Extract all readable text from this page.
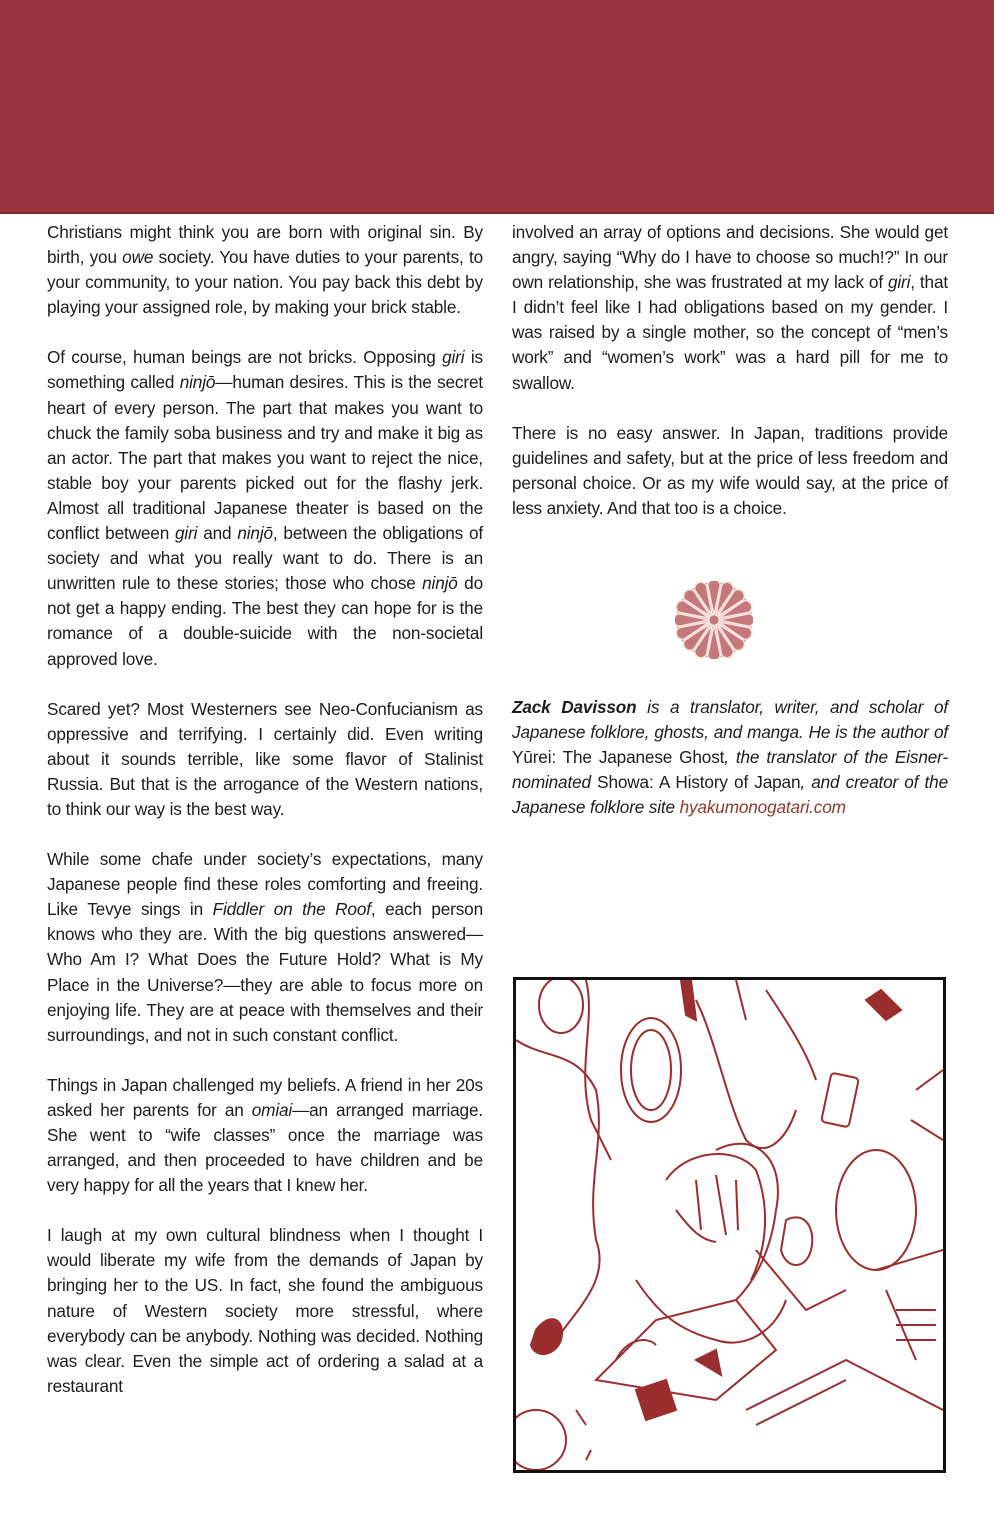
Christians might think you are born with original sin. By birth, you owe society. You have duties to your parents, to your community, to your nation. You pay back this debt by playing your assigned role, by making your brick stable.

Of course, human beings are not bricks. Opposing giri is something called ninjō—human desires. This is the secret heart of every person. The part that makes you want to chuck the family soba business and try and make it big as an actor. The part that makes you want to reject the nice, stable boy your parents picked out for the flashy jerk. Almost all traditional Japanese theater is based on the conflict between giri and ninjō, between the obligations of society and what you really want to do. There is an unwritten rule to these stories; those who chose ninjō do not get a happy ending. The best they can hope for is the romance of a double-suicide with the non-societal approved love.

Scared yet? Most Westerners see Neo-Confucianism as oppressive and terrifying. I certainly did. Even writing about it sounds terrible, like some flavor of Stalinist Russia. But that is the arrogance of the Western nations, to think our way is the best way.

While some chafe under society’s expectations, many Japanese people find these roles comforting and freeing. Like Tevye sings in Fiddler on the Roof, each person knows who they are. With the big questions answered—Who Am I? What Does the Future Hold? What is My Place in the Universe?—they are able to focus more on enjoying life. They are at peace with themselves and their surroundings, and not in such constant conflict.

Things in Japan challenged my beliefs. A friend in her 20s asked her parents for an omiai—an arranged marriage. She went to “wife classes” once the marriage was arranged, and then proceeded to have children and be very happy for all the years that I knew her.

I laugh at my own cultural blindness when I thought I would liberate my wife from the demands of Japan by bringing her to the US. In fact, she found the ambiguous nature of Western society more stressful, where everybody can be anybody. Nothing was decided. Nothing was clear. Even the simple act of ordering a salad at a restaurant

involved an array of options and decisions. She would get angry, saying “Why do I have to choose so much!?” In our own relationship, she was frustrated at my lack of giri, that I didn’t feel like I had obligations based on my gender. I was raised by a single mother, so the concept of “men’s work” and “women’s work” was a hard pill for me to swallow.

There is no easy answer. In Japan, traditions provide guidelines and safety, but at the price of less freedom and personal choice. Or as my wife would say, at the price of less anxiety. And that too is a choice.

Zack Davisson is a translator, writer, and scholar of Japanese folklore, ghosts, and manga. He is the author of Yūrei: The Japanese Ghost, the translator of the Eisner-nominated Showa: A History of Japan, and creator of the Japanese folklore site hyakumonogatari.com
